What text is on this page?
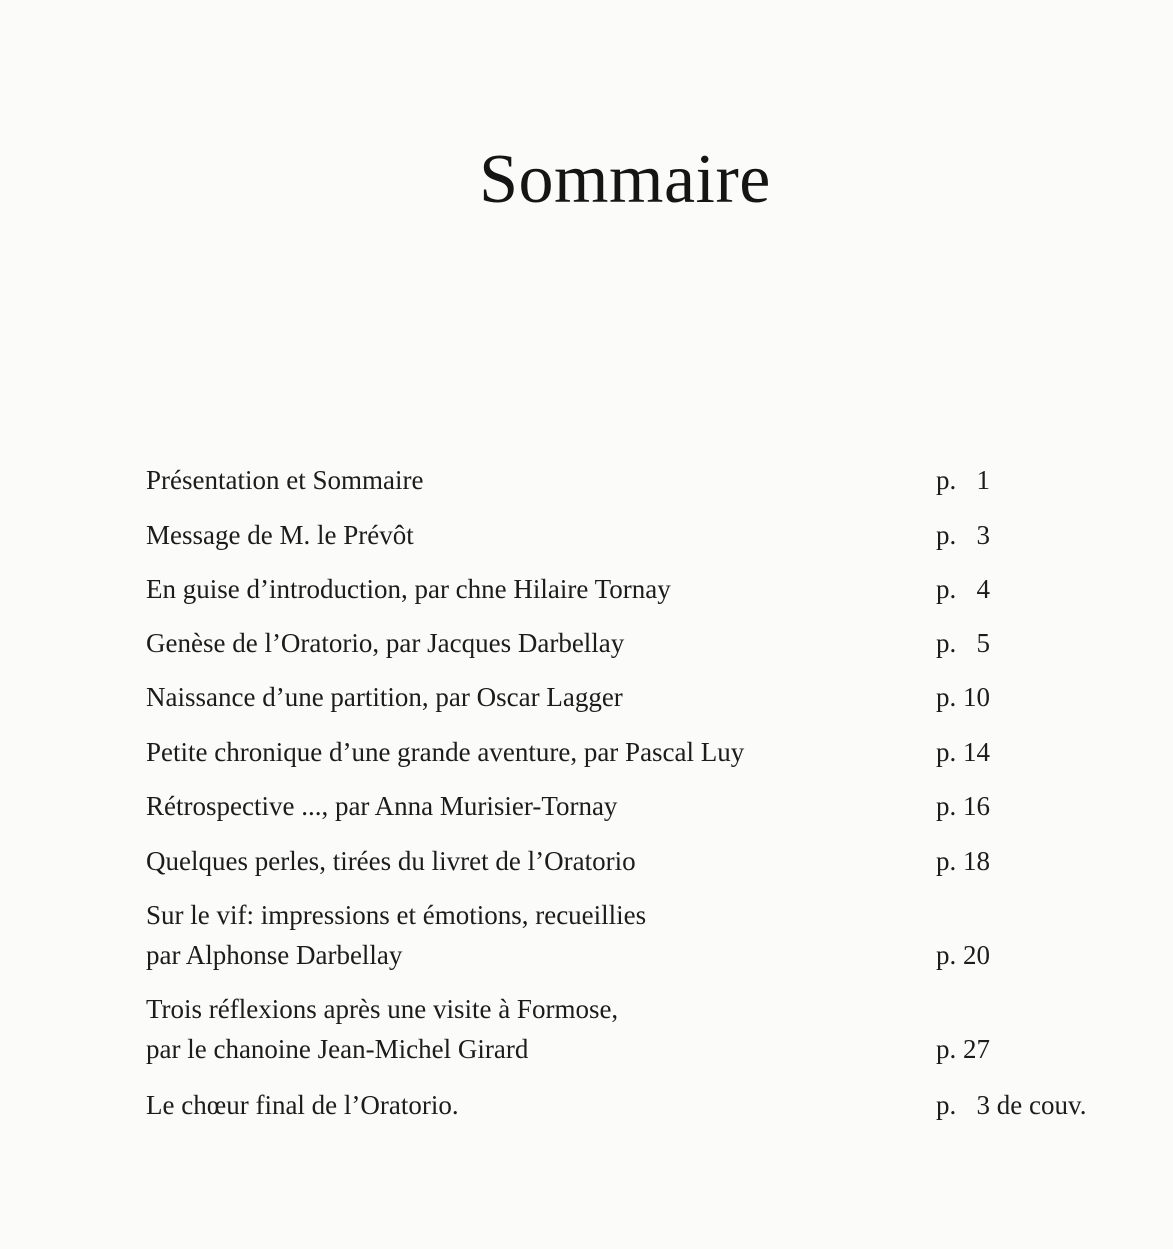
Sommaire
Présentation et Sommaire	p.   1
Message de M. le Prévôt	p.   3
En guise d’introduction, par chne Hilaire Tornay	p.   4
Genèse de l’Oratorio, par Jacques Darbellay	p.   5
Naissance d’une partition, par Oscar Lagger	p. 10
Petite chronique d’une grande aventure, par Pascal Luy	p. 14
Rétrospective ..., par Anna Murisier-Tornay	p. 16
Quelques perles, tirées du livret de l’Oratorio	p. 18
Sur le vif: impressions et émotions, recueillies
par Alphonse Darbellay	p. 20
Trois réflexions après une visite à Formose,
par le chanoine Jean-Michel Girard	p. 27
Le chœur final de l’Oratorio.	p.   3 de couv.
